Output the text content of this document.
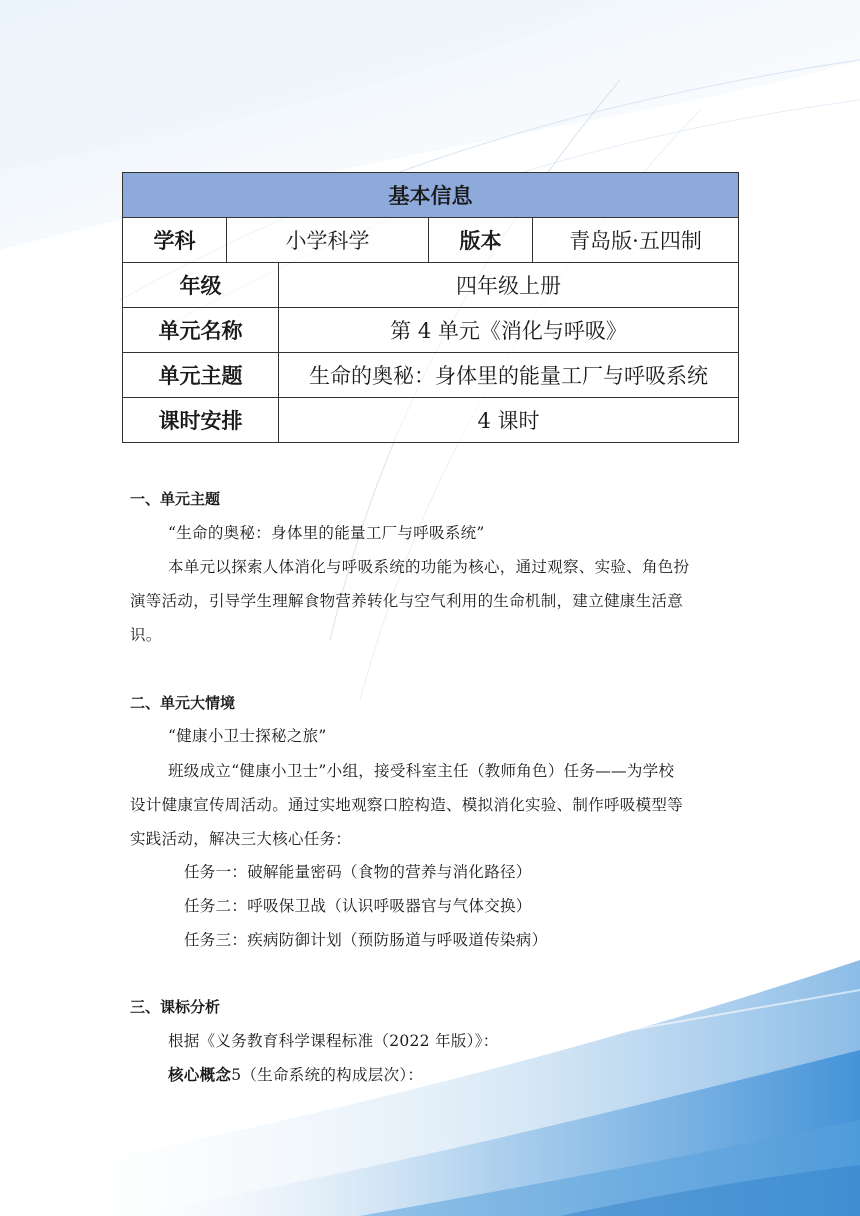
基本信息				
学科	小学科学		版本	青岛版·五四制
年级		四年级上册		
单元名称		第 4 单元《消化与呼吸》		
单元主题		生命的奥秘：身体里的能量工厂与呼吸系统		
课时安排		4 课时		
一、单元主题
“生命的奥秘：身体里的能量工厂与呼吸系统”
本单元以探索人体消化与呼吸系统的功能为核心，通过观察、实验、角色扮
演等活动，引导学生理解食物营养转化与空气利用的生命机制，建立健康生活意
识。
二、单元大情境
“健康小卫士探秘之旅”
班级成立“健康小卫士”小组，接受科室主任（教师角色）任务——为学校
设计健康宣传周活动。通过实地观察口腔构造、模拟消化实验、制作呼吸模型等
实践活动，解决三大核心任务：
任务一：破解能量密码（食物的营养与消化路径）
任务二：呼吸保卫战（认识呼吸器官与气体交换）
任务三：疾病防御计划（预防肠道与呼吸道传染病）
三、课标分析
根据《义务教育科学课程标准（2022 年版）》：
核心概念5（生命系统的构成层次）：
